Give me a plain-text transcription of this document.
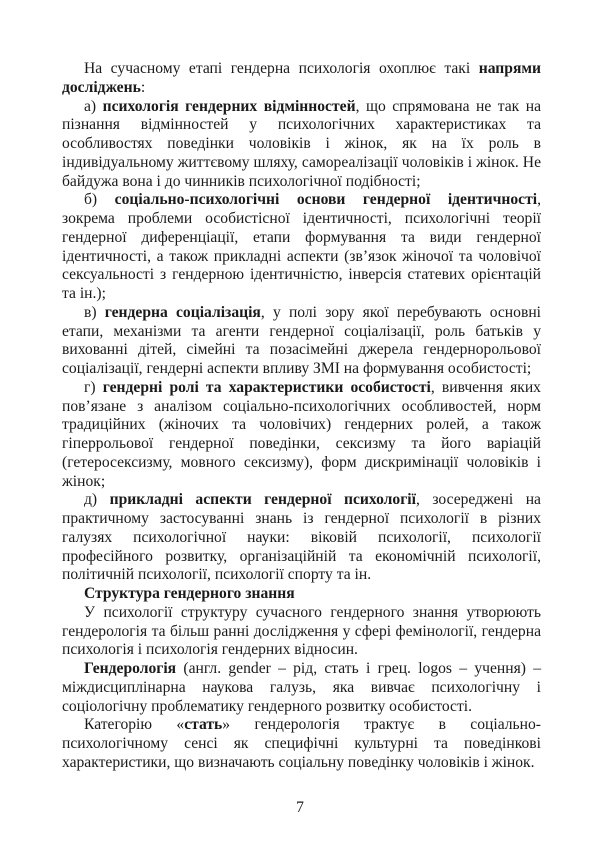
На сучасному етапі гендерна психологія охоплює такі напрями досліджень:

а) психологія гендерних відмінностей, що спрямована не так на пізнання відмінностей у психологічних характеристиках та особливостях поведінки чоловіків і жінок, як на їх роль в індивідуальному життєвому шляху, самореалізації чоловіків і жінок. Не байдужа вона і до чинників психологічної подібності;

б) соціально-психологічні основи гендерної ідентичності, зокрема проблеми особистісної ідентичності, психологічні теорії гендерної диференціації, етапи формування та види гендерної ідентичності, а також прикладні аспекти (зв’язок жіночої та чоловічої сексуальності з гендерною ідентичністю, інверсія статевих орієнтацій та ін.);

в) гендерна соціалізація, у полі зору якої перебувають основні етапи, механізми та агенти гендерної соціалізації, роль батьків у вихованні дітей, сімейні та позасімейні джерела гендернорольової соціалізації, гендерні аспекти впливу ЗМІ на формування особистості;

г) гендерні ролі та характеристики особистості, вивчення яких пов’язане з аналізом соціально-психологічних особливостей, норм традиційних (жіночих та чоловічих) гендерних ролей, а також гіперрольової гендерної поведінки, сексизму та його варіацій (гетеросексизму, мовного сексизму), форм дискримінації чоловіків і жінок;

д) прикладні аспекти гендерної психології, зосереджені на практичному застосуванні знань із гендерної психології в різних галузях психологічної науки: віковій психології, психології професійного розвитку, організаційній та економічній психології, політичній психології, психології спорту та ін.

Структура гендерного знання

У психології структуру сучасного гендерного знання утворюють гендерологія та більш ранні дослідження у сфері фемінології, гендерна психологія і психологія гендерних відносин.

Гендерологія (англ. gender – рід, стать і грец. logos – учення) – міждисциплінарна наукова галузь, яка вивчає психологічну і соціологічну проблематику гендерного розвитку особистості.

Категорію «стать» гендерологія трактує в соціально-психологічному сенсі як специфічні культурні та поведінкові характеристики, що визначають соціальну поведінку чоловіків і жінок.

7
